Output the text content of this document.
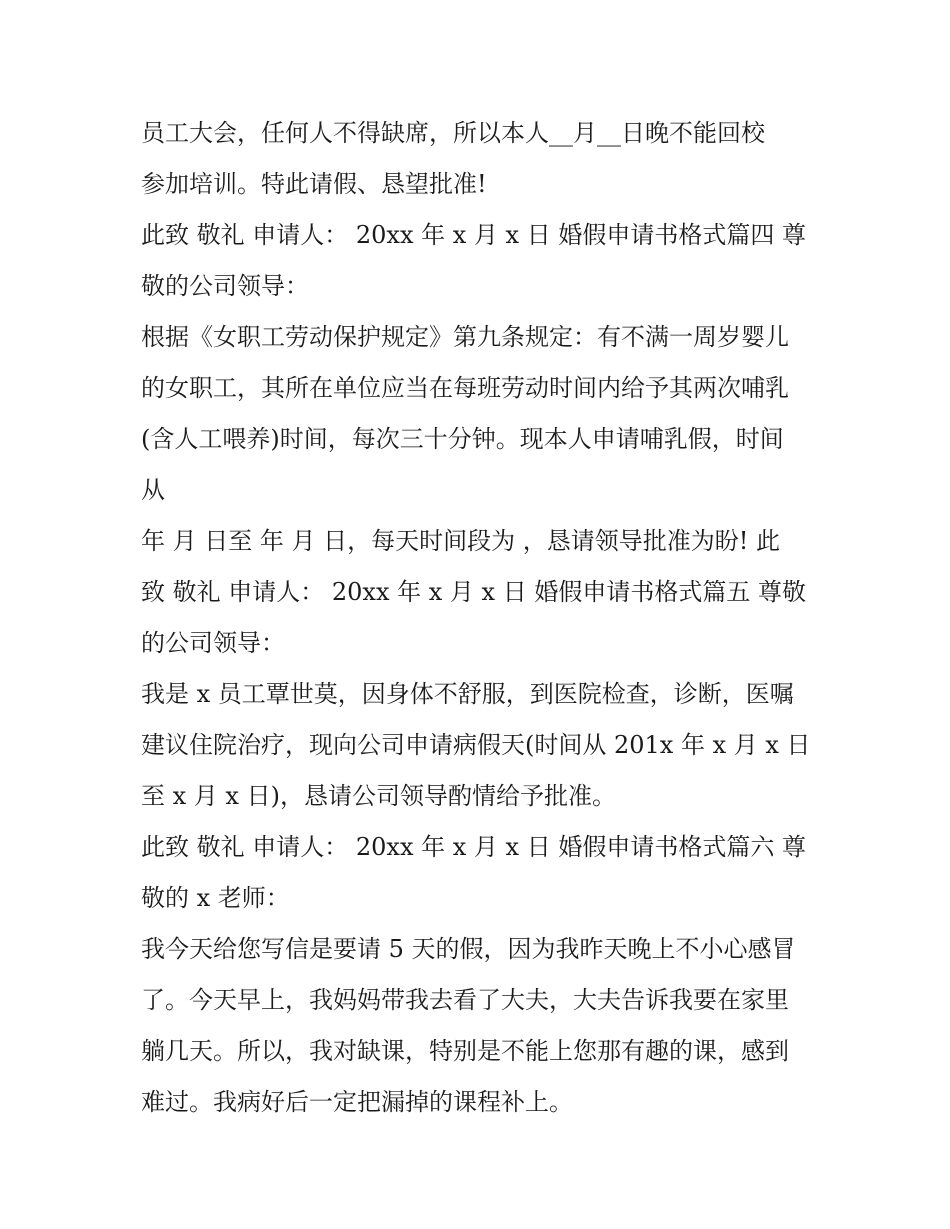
员工大会，任何人不得缺席，所以本人__月__日晚不能回校
参加培训。特此请假、恳望批准!
此致 敬礼 申请人： 20xx 年 x 月 x 日 婚假申请书格式篇四 尊
敬的公司领导：
根据《女职工劳动保护规定》第九条规定：有不满一周岁婴儿
的女职工，其所在单位应当在每班劳动时间内给予其两次哺乳
(含人工喂养)时间，每次三十分钟。现本人申请哺乳假，时间
从
年 月 日至 年 月 日，每天时间段为 ，恳请领导批准为盼! 此
致 敬礼 申请人： 20xx 年 x 月 x 日 婚假申请书格式篇五 尊敬
的公司领导：
我是 x 员工覃世莫，因身体不舒服，到医院检查，诊断，医嘱
建议住院治疗，现向公司申请病假天(时间从 201x 年 x 月 x 日
至 x 月 x 日)，恳请公司领导酌情给予批准。
此致 敬礼 申请人： 20xx 年 x 月 x 日 婚假申请书格式篇六 尊
敬的 x 老师：
我今天给您写信是要请 5 天的假，因为我昨天晚上不小心感冒
了。今天早上，我妈妈带我去看了大夫，大夫告诉我要在家里
躺几天。所以，我对缺课，特别是不能上您那有趣的课，感到
难过。我病好后一定把漏掉的课程补上。
